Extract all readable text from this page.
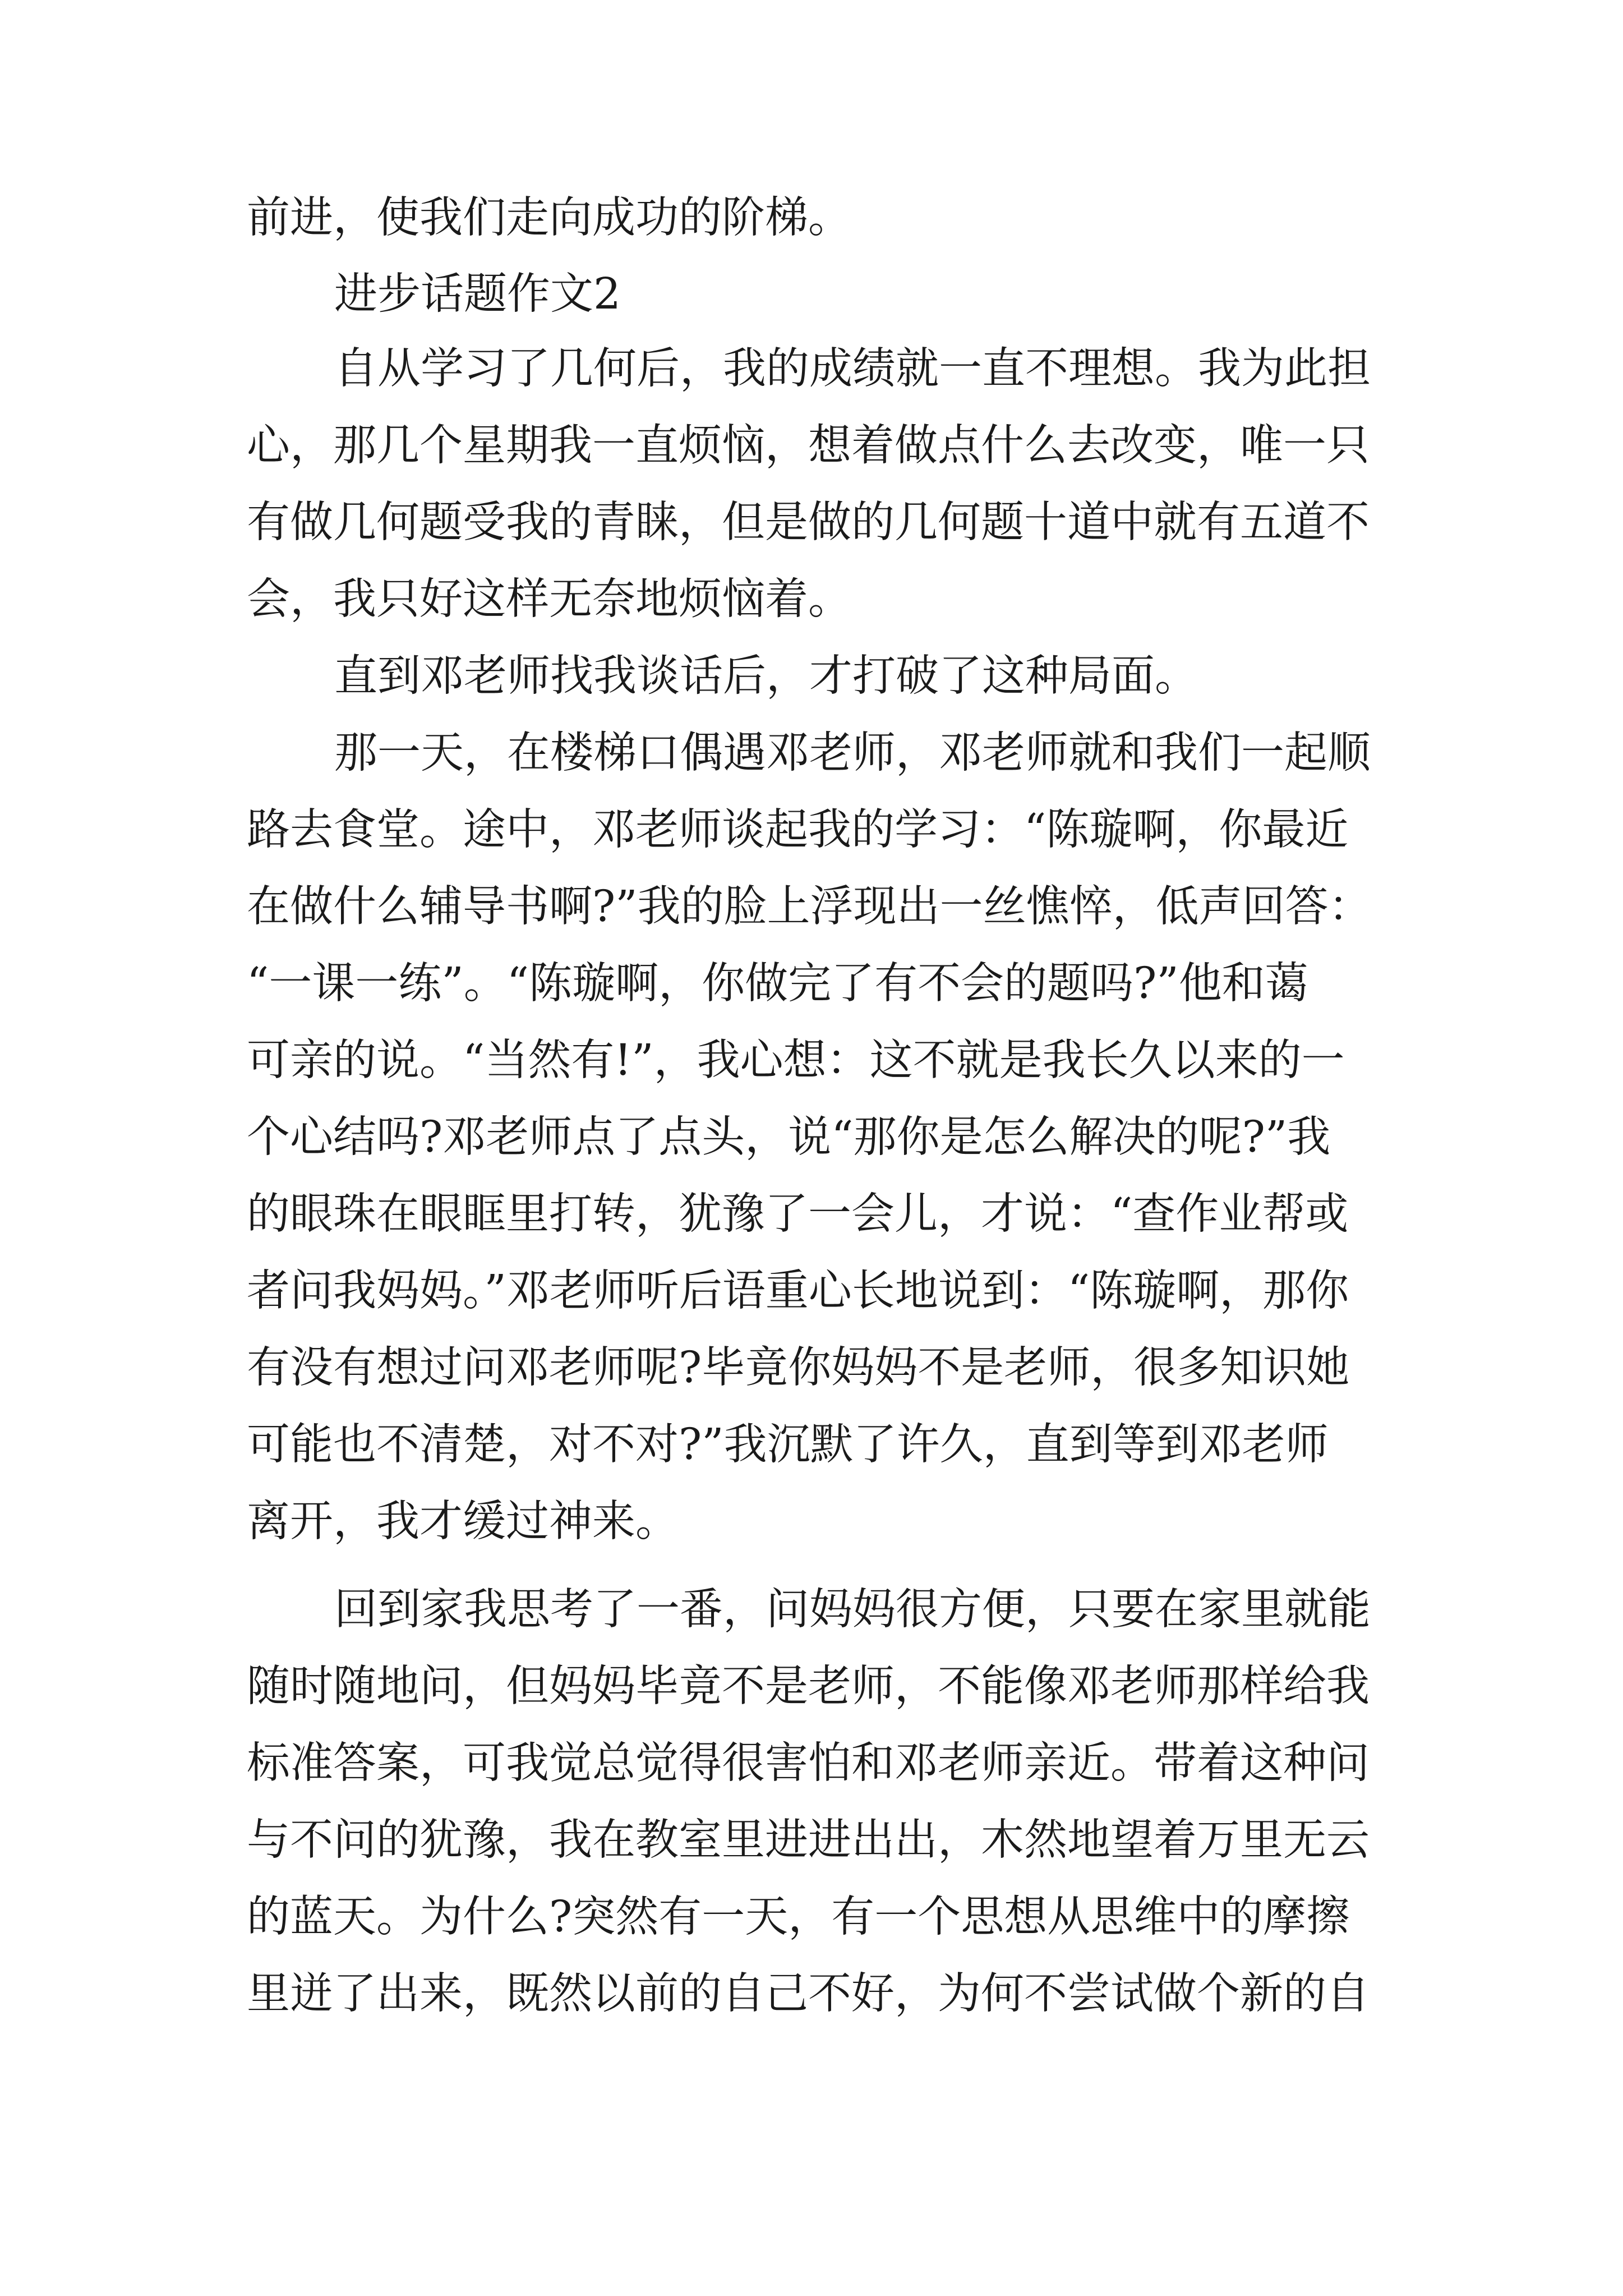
前进，使我们走向成功的阶梯。
进步话题作文2
自从学习了几何后，我的成绩就一直不理想。我为此担
心，那几个星期我一直烦恼，想着做点什么去改变，唯一只
有做几何题受我的青睐，但是做的几何题十道中就有五道不
会，我只好这样无奈地烦恼着。
直到邓老师找我谈话后，才打破了这种局面。
那一天，在楼梯口偶遇邓老师，邓老师就和我们一起顺
路去食堂。途中，邓老师谈起我的学习：“陈璇啊，你最近
在做什么辅导书啊?”我的脸上浮现出一丝憔悴，低声回答：
“一课一练”。“陈璇啊，你做完了有不会的题吗?”他和蔼
可亲的说。“当然有!”，我心想：这不就是我长久以来的一
个心结吗?邓老师点了点头，说“那你是怎么解决的呢?”我
的眼珠在眼眶里打转，犹豫了一会儿，才说：“查作业帮或
者问我妈妈。”邓老师听后语重心长地说到：“陈璇啊，那你
有没有想过问邓老师呢?毕竟你妈妈不是老师，很多知识她
可能也不清楚，对不对?”我沉默了许久，直到等到邓老师
离开，我才缓过神来。
回到家我思考了一番，问妈妈很方便，只要在家里就能
随时随地问，但妈妈毕竟不是老师，不能像邓老师那样给我
标准答案，可我觉总觉得很害怕和邓老师亲近。带着这种问
与不问的犹豫，我在教室里进进出出，木然地望着万里无云
的蓝天。为什么?突然有一天，有一个思想从思维中的摩擦
里迸了出来，既然以前的自己不好，为何不尝试做个新的自
